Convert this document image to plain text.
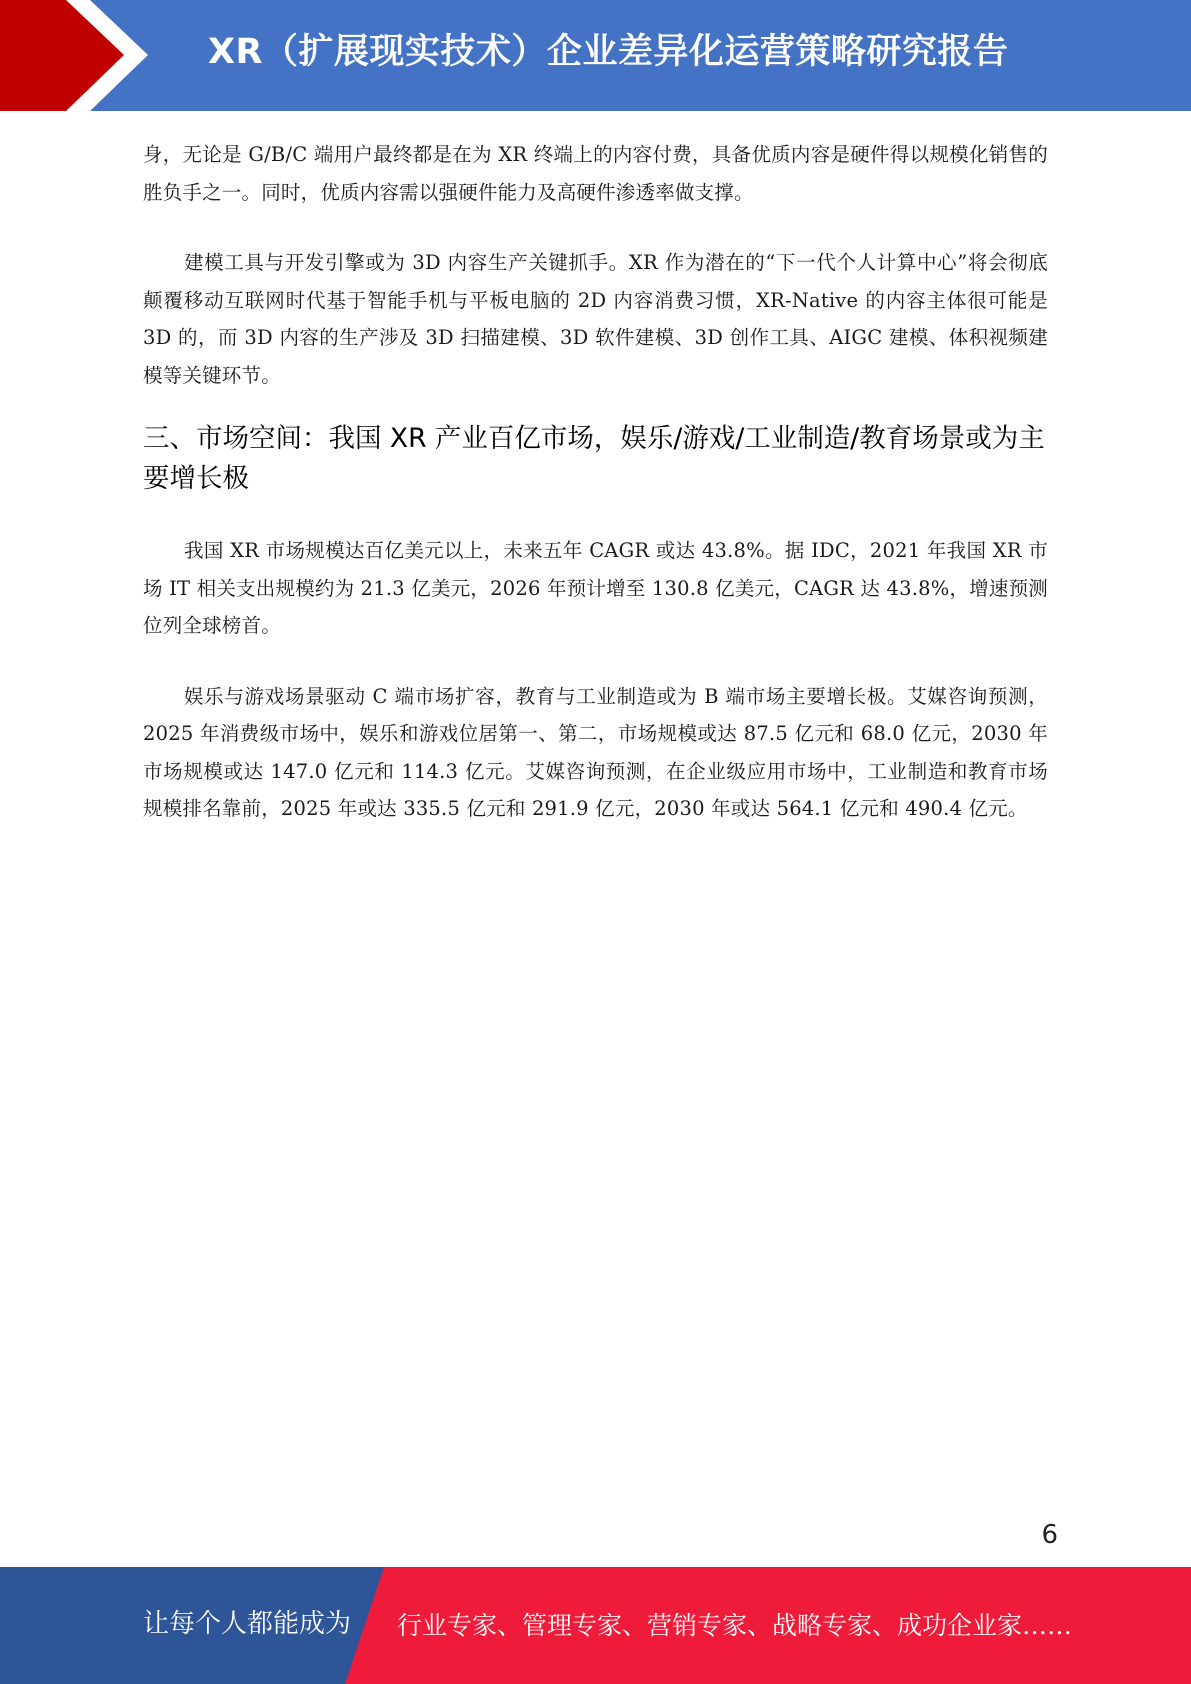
XR（扩展现实技术）企业差异化运营策略研究报告

身，无论是 G/B/C 端用户最终都是在为 XR 终端上的内容付费，具备优质内容是硬件得以规模化销售的胜负手之一。同时，优质内容需以强硬件能力及高硬件渗透率做支撑。

建模工具与开发引擎或为 3D 内容生产关键抓手。XR 作为潜在的“下一代个人计算中心”将会彻底颠覆移动互联网时代基于智能手机与平板电脑的 2D 内容消费习惯，XR-Native 的内容主体很可能是 3D 的，而 3D 内容的生产涉及 3D 扫描建模、3D 软件建模、3D 创作工具、AIGC 建模、体积视频建模等关键环节。

三、市场空间：我国 XR 产业百亿市场，娱乐/游戏/工业制造/教育场景或为主要增长极

我国 XR 市场规模达百亿美元以上，未来五年 CAGR 或达 43.8%。据 IDC，2021 年我国 XR 市场 IT 相关支出规模约为 21.3 亿美元，2026 年预计增至 130.8 亿美元，CAGR 达 43.8%，增速预测位列全球榜首。

娱乐与游戏场景驱动 C 端市场扩容，教育与工业制造或为 B 端市场主要增长极。艾媒咨询预测，2025 年消费级市场中，娱乐和游戏位居第一、第二，市场规模或达 87.5 亿元和 68.0 亿元，2030 年市场规模或达 147.0 亿元和 114.3 亿元。艾媒咨询预测，在企业级应用市场中，工业制造和教育市场规模排名靠前，2025 年或达 335.5 亿元和 291.9 亿元，2030 年或达 564.1 亿元和 490.4 亿元。

6
让每个人都能成为 行业专家、管理专家、营销专家、战略专家、成功企业家……
